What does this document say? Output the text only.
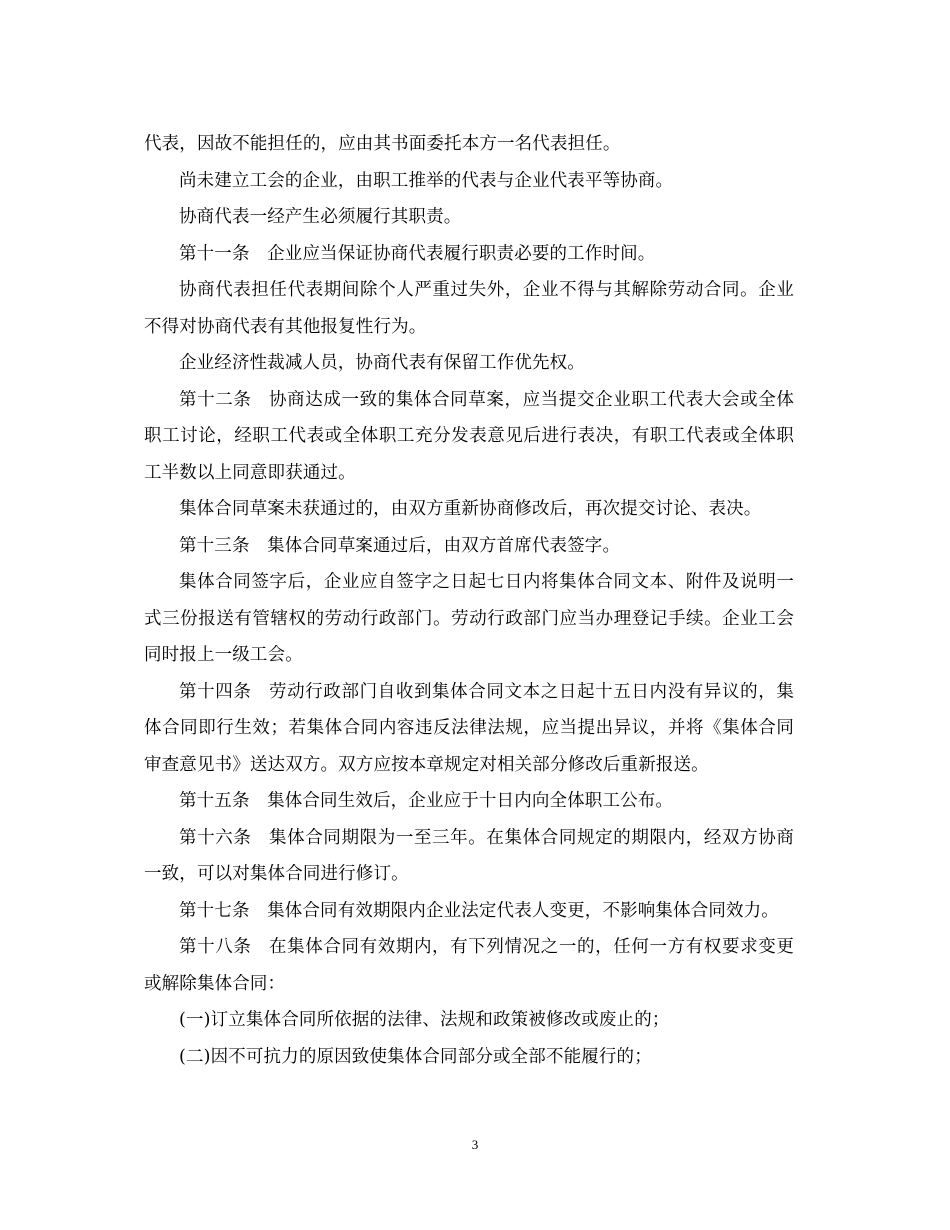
代表，因故不能担任的，应由其书面委托本方一名代表担任。

尚未建立工会的企业，由职工推举的代表与企业代表平等协商。

协商代表一经产生必须履行其职责。

第十一条 企业应当保证协商代表履行职责必要的工作时间。

协商代表担任代表期间除个人严重过失外，企业不得与其解除劳动合同。企业不得对协商代表有其他报复性行为。

企业经济性裁减人员，协商代表有保留工作优先权。

第十二条 协商达成一致的集体合同草案，应当提交企业职工代表大会或全体职工讨论，经职工代表或全体职工充分发表意见后进行表决，有职工代表或全体职工半数以上同意即获通过。

集体合同草案未获通过的，由双方重新协商修改后，再次提交讨论、表决。

第十三条 集体合同草案通过后，由双方首席代表签字。

集体合同签字后，企业应自签字之日起七日内将集体合同文本、附件及说明一式三份报送有管辖权的劳动行政部门。劳动行政部门应当办理登记手续。企业工会同时报上一级工会。

第十四条 劳动行政部门自收到集体合同文本之日起十五日内没有异议的，集体合同即行生效；若集体合同内容违反法律法规，应当提出异议，并将《集体合同审查意见书》送达双方。双方应按本章规定对相关部分修改后重新报送。

第十五条 集体合同生效后，企业应于十日内向全体职工公布。

第十六条 集体合同期限为一至三年。在集体合同规定的期限内，经双方协商一致，可以对集体合同进行修订。

第十七条 集体合同有效期限内企业法定代表人变更，不影响集体合同效力。

第十八条 在集体合同有效期内，有下列情况之一的，任何一方有权要求变更或解除集体合同：

(一)订立集体合同所依据的法律、法规和政策被修改或废止的；

(二)因不可抗力的原因致使集体合同部分或全部不能履行的；

3
